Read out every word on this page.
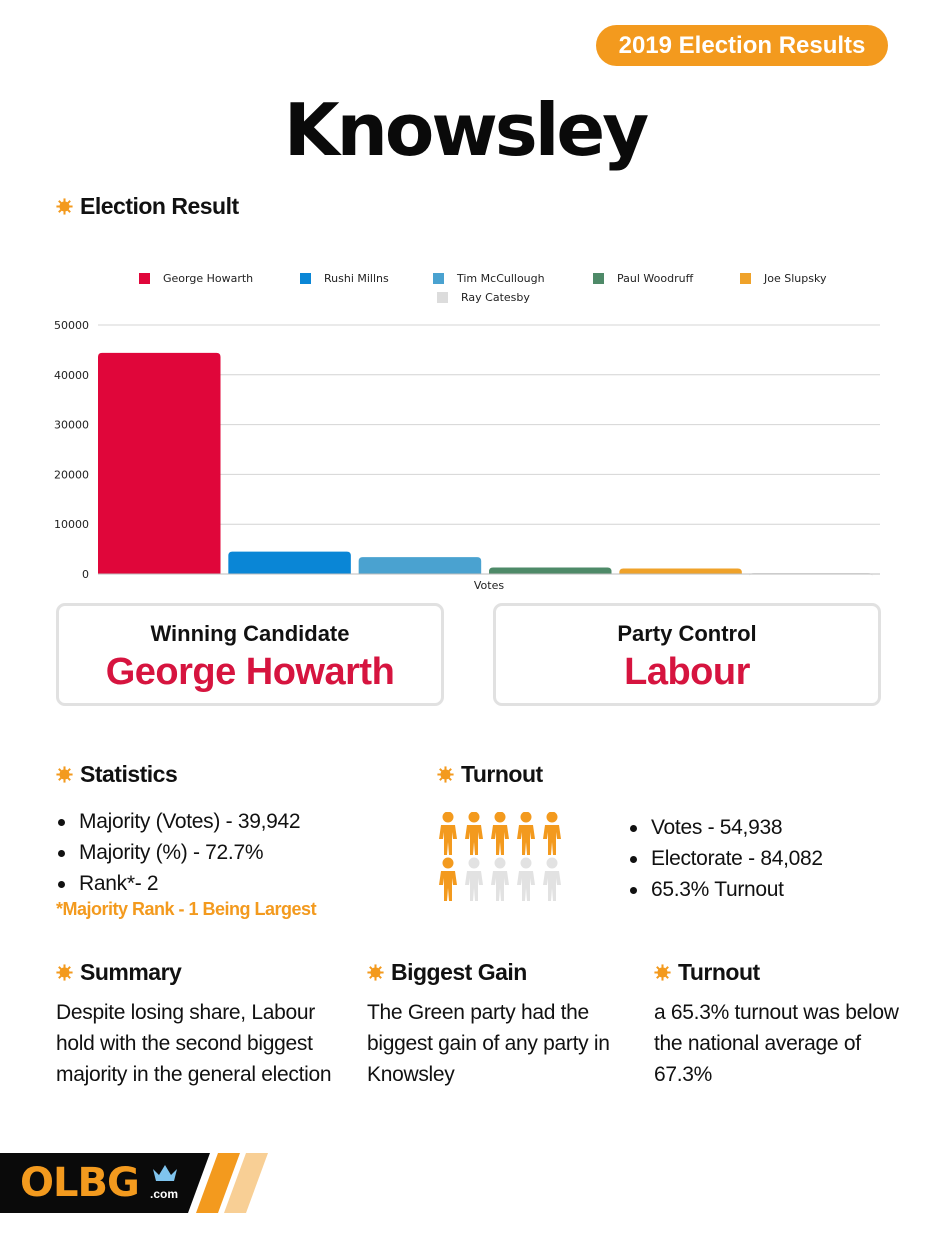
2019 Election Results
Knowsley
Election Result
0
10000
20000
30000
40000
50000
Votes
George Howarth	Rushi Millns	Tim McCullough	Paul Woodruff	Joe Slupsky
Ray Catesby
Winning Candidate
George Howarth
Party Control
Labour
Statistics
Majority (Votes) - 39,942
Majority (%) - 72.7%
Rank*- 2
*Majority Rank - 1 Being Largest
Turnout
Votes - 54,938
Electorate - 84,082
65.3% Turnout
Summary

Despite losing share, Labour hold with the second biggest majority in the general election

Biggest Gain

The Green party had the biggest gain of any party in Knowsley

Turnout

a 65.3% turnout was below the national average of 67.3%

OLBG .com
